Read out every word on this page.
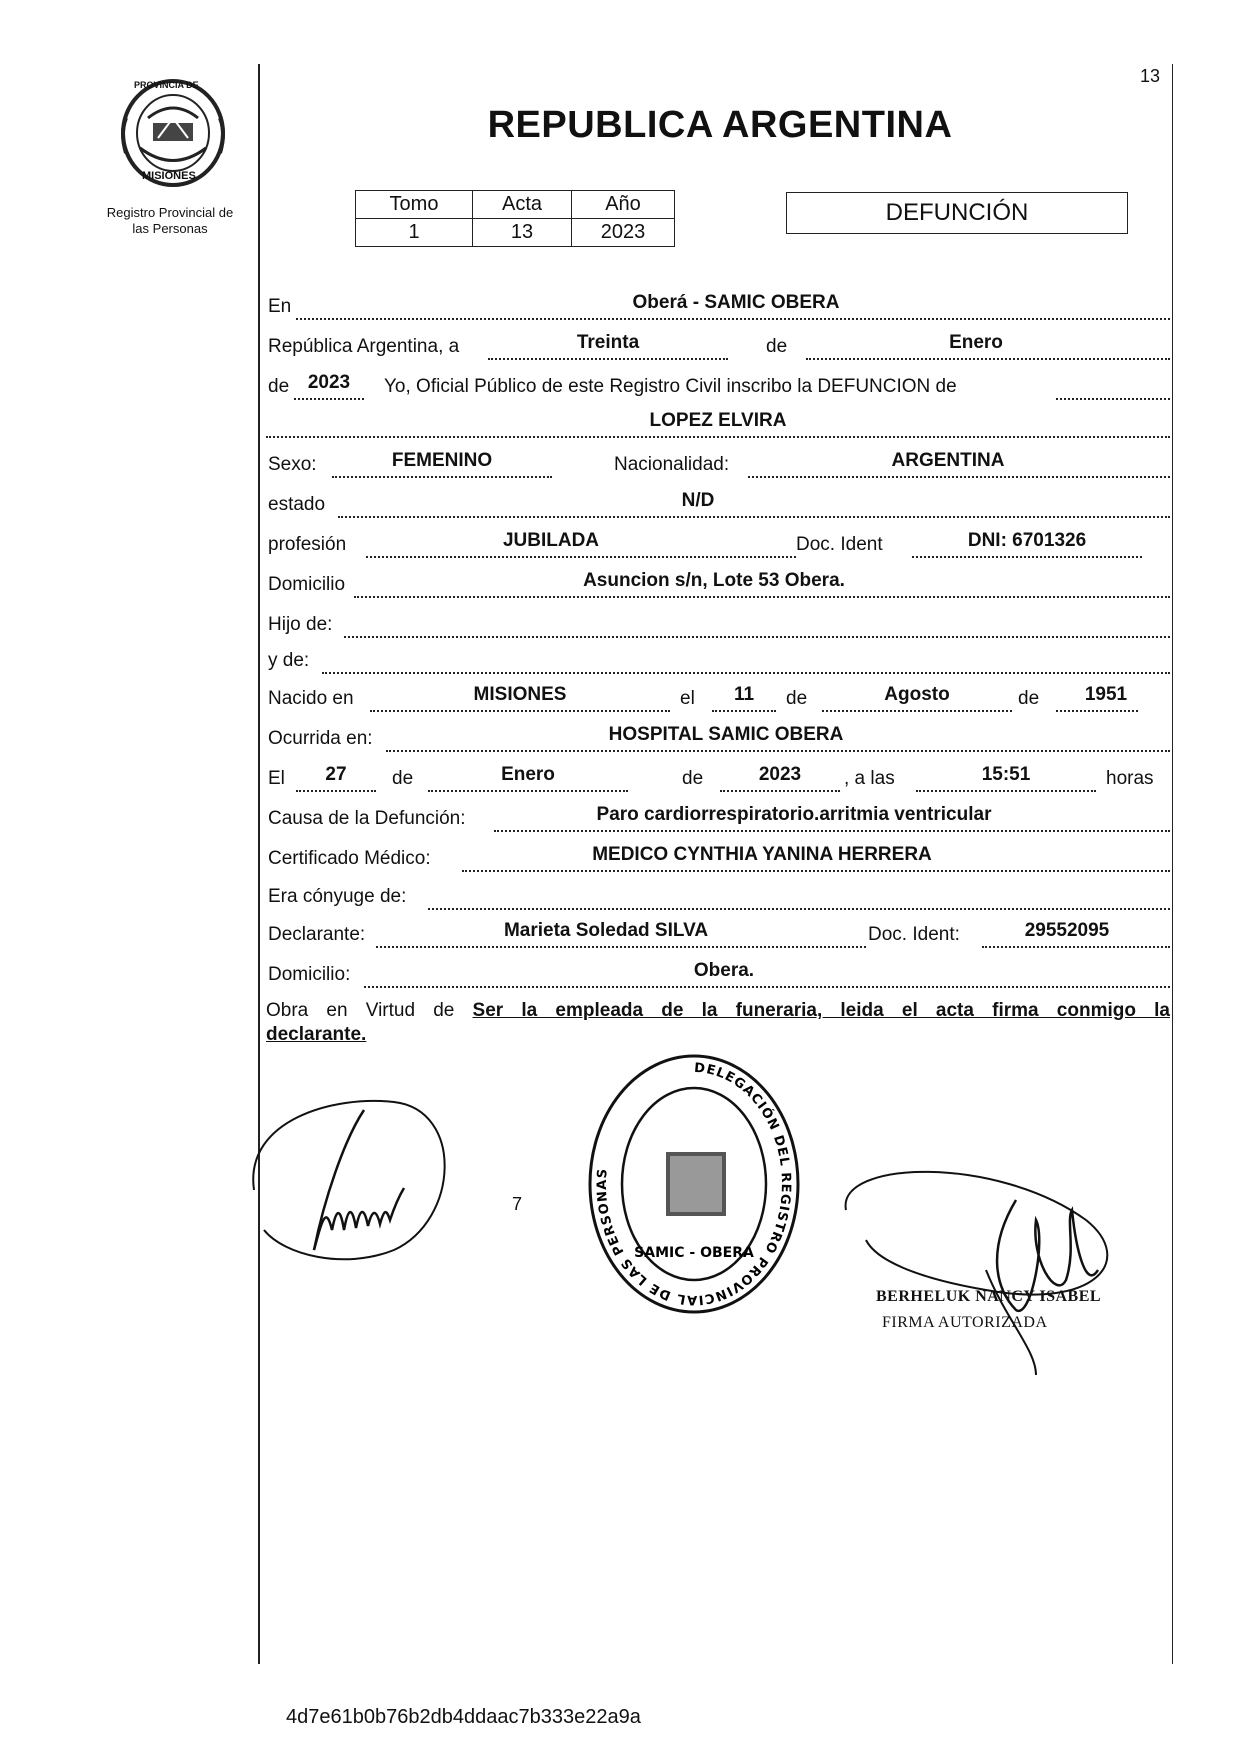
PROVINCIA DE
MISIONES
Registro Provincial de
las Personas
13
REPUBLICA ARGENTINA
Tomo	Acta	Año
1	13	2023
DEFUNCIÓN
En	Oberá - SAMIC OBERA
República Argentina, a	Treinta	de	Enero
de 2023	Yo, Oficial Público de este Registro Civil inscribo la DEFUNCION de
LOPEZ ELVIRA
Sexo:	FEMENINO	Nacionalidad:	ARGENTINA
estado	N/D
profesión	JUBILADA	Doc. Ident	DNI: 6701326
Domicilio	Asuncion s/n, Lote 53 Obera.
Hijo de:
y de:
Nacido en	MISIONES	el	11	de	Agosto	de	1951
Ocurrida en:	HOSPITAL SAMIC OBERA
El	27	de	Enero	de	2023	, a las	15:51	horas
Causa de la Defunción:	Paro cardiorrespiratorio.arritmia ventricular
Certificado Médico:	MEDICO CYNTHIA YANINA HERRERA
Era cónyuge de:
Declarante:	Marieta Soledad SILVA	Doc. Ident:	29552095
Domicilio:	Obera.
Obra en Virtud de Ser la empleada de la funeraria, leida el acta firma conmigo la
declarante.
7
DELEGACIÓN DEL REGISTRO PROVINCIAL DE LAS PERSONAS
SAMIC - OBERA
BERHELUK NANCY ISABEL
FIRMA AUTORIZADA
4d7e61b0b76b2db4ddaac7b333e22a9a
